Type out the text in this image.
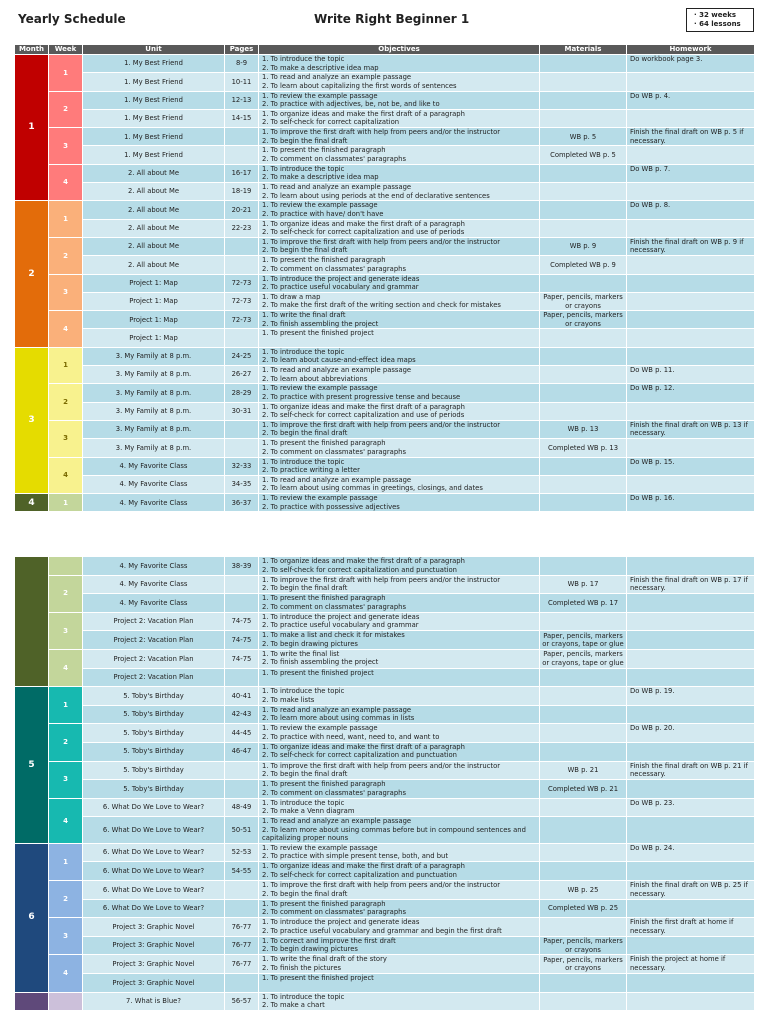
Yearly Schedule	Write Right Beginner 1	· 32 weeks
· 64 lessons
Month	Week	Unit	Pages	Objectives	Materials	Homework
1	1	1. My Best Friend	8-9	1. To introduce the topic
2. To make a descriptive idea map		Do workbook page 3.
		1. My Best Friend	10-11	1. To read and analyze an example passage
2. To learn about capitalizing the first words of sentences		

	2	1. My Best Friend	12-13	1. To review the example passage
2. To practice with adjectives, be, not be, and like to		Do WB p. 4.
		1. My Best Friend	14-15	1. To organize ideas and make the first draft of a paragraph
2. To self-check for correct capitalization		

	3	1. My Best Friend		1. To improve the first draft with help from peers and/or the instructor
2. To begin the final draft	WB p. 5	Finish the final draft on WB p. 5 if necessary.
		1. My Best Friend		1. To present the finished paragraph
2. To comment on classmates' paragraphs	Completed WB p. 5	
	4	2. All about Me	16-17	1. To introduce the topic
2. To make a descriptive idea map		Do WB p. 7.
		2. All about Me	18-19	1. To read and analyze an example passage
2. To learn about using periods at the end of declarative sentences		

2	1	2. All about Me	20-21	1. To review the example passage
2. To practice with have/ don't have		Do WB p. 8.
		2. All about Me	22-23	1. To organize ideas and make the first draft of a paragraph
2. To self-check for correct capitalization and use of periods		

	2	2. All about Me		1. To improve the first draft with help from peers and/or the instructor
2. To begin the final draft	WB p. 9	Finish the final draft on WB p. 9 if necessary.
		2. All about Me		1. To present the finished paragraph
2. To comment on classmates' paragraphs	Completed WB p. 9	
	3	Project 1: Map	72-73	1. To introduce the project and generate ideas
2. To practice useful vocabulary and grammar		

		Project 1: Map	72-73	1. To draw a map
2. To make the first draft of the writing section and check for mistakes	Paper, pencils, markers or crayons	
	4	Project 1: Map	72-73	1. To write the final draft
2. To finish assembling the project	Paper, pencils, markers or crayons	
		Project 1: Map		1. To present the finished project		

3	1	3. My Family at 8 p.m.	24-25	1. To introduce the topic
2. To learn about cause-and-effect idea maps		

		3. My Family at 8 p.m.	26-27	1. To read and analyze an example passage
2. To learn about abbreviations		Do WB p. 11.
	2	3. My Family at 8 p.m.	28-29	1. To review the example passage
2. To practice with present progressive tense and because		Do WB p. 12.
		3. My Family at 8 p.m.	30-31	1. To organize ideas and make the first draft of a paragraph
2. To self-check for correct capitalization and use of periods		

	3	3. My Family at 8 p.m.		1. To improve the first draft with help from peers and/or the instructor
2. To begin the final draft	WB p. 13	Finish the final draft on WB p. 13 if necessary.
		3. My Family at 8 p.m.		1. To present the finished paragraph
2. To comment on classmates' paragraphs	Completed WB p. 13	
	4	4. My Favorite Class	32-33	1. To introduce the topic
2. To practice writing a letter		Do WB p. 15.
		4. My Favorite Class	34-35	1. To read and analyze an example passage
2. To learn about using commas in greetings, closings, and dates		

4	1	4. My Favorite Class	36-37	1. To review the example passage
2. To practice with possessive adjectives		Do WB p. 16.
		4. My Favorite Class	38-39	1. To organize ideas and make the first draft of a paragraph
2. To self-check for correct capitalization and punctuation		

	2	4. My Favorite Class		1. To improve the first draft with help from peers and/or the instructor
2. To begin the final draft	WB p. 17	Finish the final draft on WB p. 17 if necessary.
		4. My Favorite Class		1. To present the finished paragraph
2. To comment on classmates' paragraphs	Completed WB p. 17	
	3	Project 2: Vacation Plan	74-75	1. To introduce the project and generate ideas
2. To practice useful vocabulary and grammar		

		Project 2: Vacation Plan	74-75	1. To make a list and check it for mistakes
2. To begin drawing pictures	Paper, pencils, markers or crayons, tape or glue	
	4	Project 2: Vacation Plan	74-75	1. To write the final list
2. To finish assembling the project	Paper, pencils, markers or crayons, tape or glue	
		Project 2: Vacation Plan		1. To present the finished project		

5	1	5. Toby's Birthday	40-41	1. To introduce the topic
2. To make lists		Do WB p. 19.
		5. Toby's Birthday	42-43	1. To read and analyze an example passage
2. To learn more about using commas in lists		

	2	5. Toby's Birthday	44-45	1. To review the example passage
2. To practice with need, want, need to, and want to		Do WB p. 20.
		5. Toby's Birthday	46-47	1. To organize ideas and make the first draft of a paragraph
2. To self-check for correct capitalization and punctuation		

	3	5. Toby's Birthday		1. To improve the first draft with help from peers and/or the instructor
2. To begin the final draft	WB p. 21	Finish the final draft on WB p. 21 if necessary.
		5. Toby's Birthday		1. To present the finished paragraph
2. To comment on classmates' paragraphs	Completed WB p. 21	
	4	6. What Do We Love to Wear?	48-49	1. To introduce the topic
2. To make a Venn diagram		Do WB p. 23.
		6. What Do We Love to Wear?	50-51	1. To read and analyze an example passage
2. To learn more about using commas before but in compound sentences and capitalizing proper nouns		

6	1	6. What Do We Love to Wear?	52-53	1. To review the example passage
2. To practice with simple present tense, both, and but		Do WB p. 24.
		6. What Do We Love to Wear?	54-55	1. To organize ideas and make the first draft of a paragraph
2. To self-check for correct capitalization and punctuation		

	2	6. What Do We Love to Wear?		1. To improve the first draft with help from peers and/or the instructor
2. To begin the final draft	WB p. 25	Finish the final draft on WB p. 25 if necessary.
		6. What Do We Love to Wear?		1. To present the finished paragraph
2. To comment on classmates' paragraphs	Completed WB p. 25	
	3	Project 3: Graphic Novel	76-77	1. To introduce the project and generate ideas
2. To practice useful vocabulary and grammar and begin the first draft		Finish the first draft at home if necessary.
		Project 3: Graphic Novel	76-77	1. To correct and improve the first draft
2. To begin drawing pictures	Paper, pencils, markers or crayons	
	4	Project 3: Graphic Novel	76-77	1. To write the final draft of the story
2. To finish the pictures	Paper, pencils, markers or crayons	Finish the project at home if necessary.
		Project 3: Graphic Novel		1. To present the finished project		

		7. What is Blue?	56-57	1. To introduce the topic
2. To make a chart		
